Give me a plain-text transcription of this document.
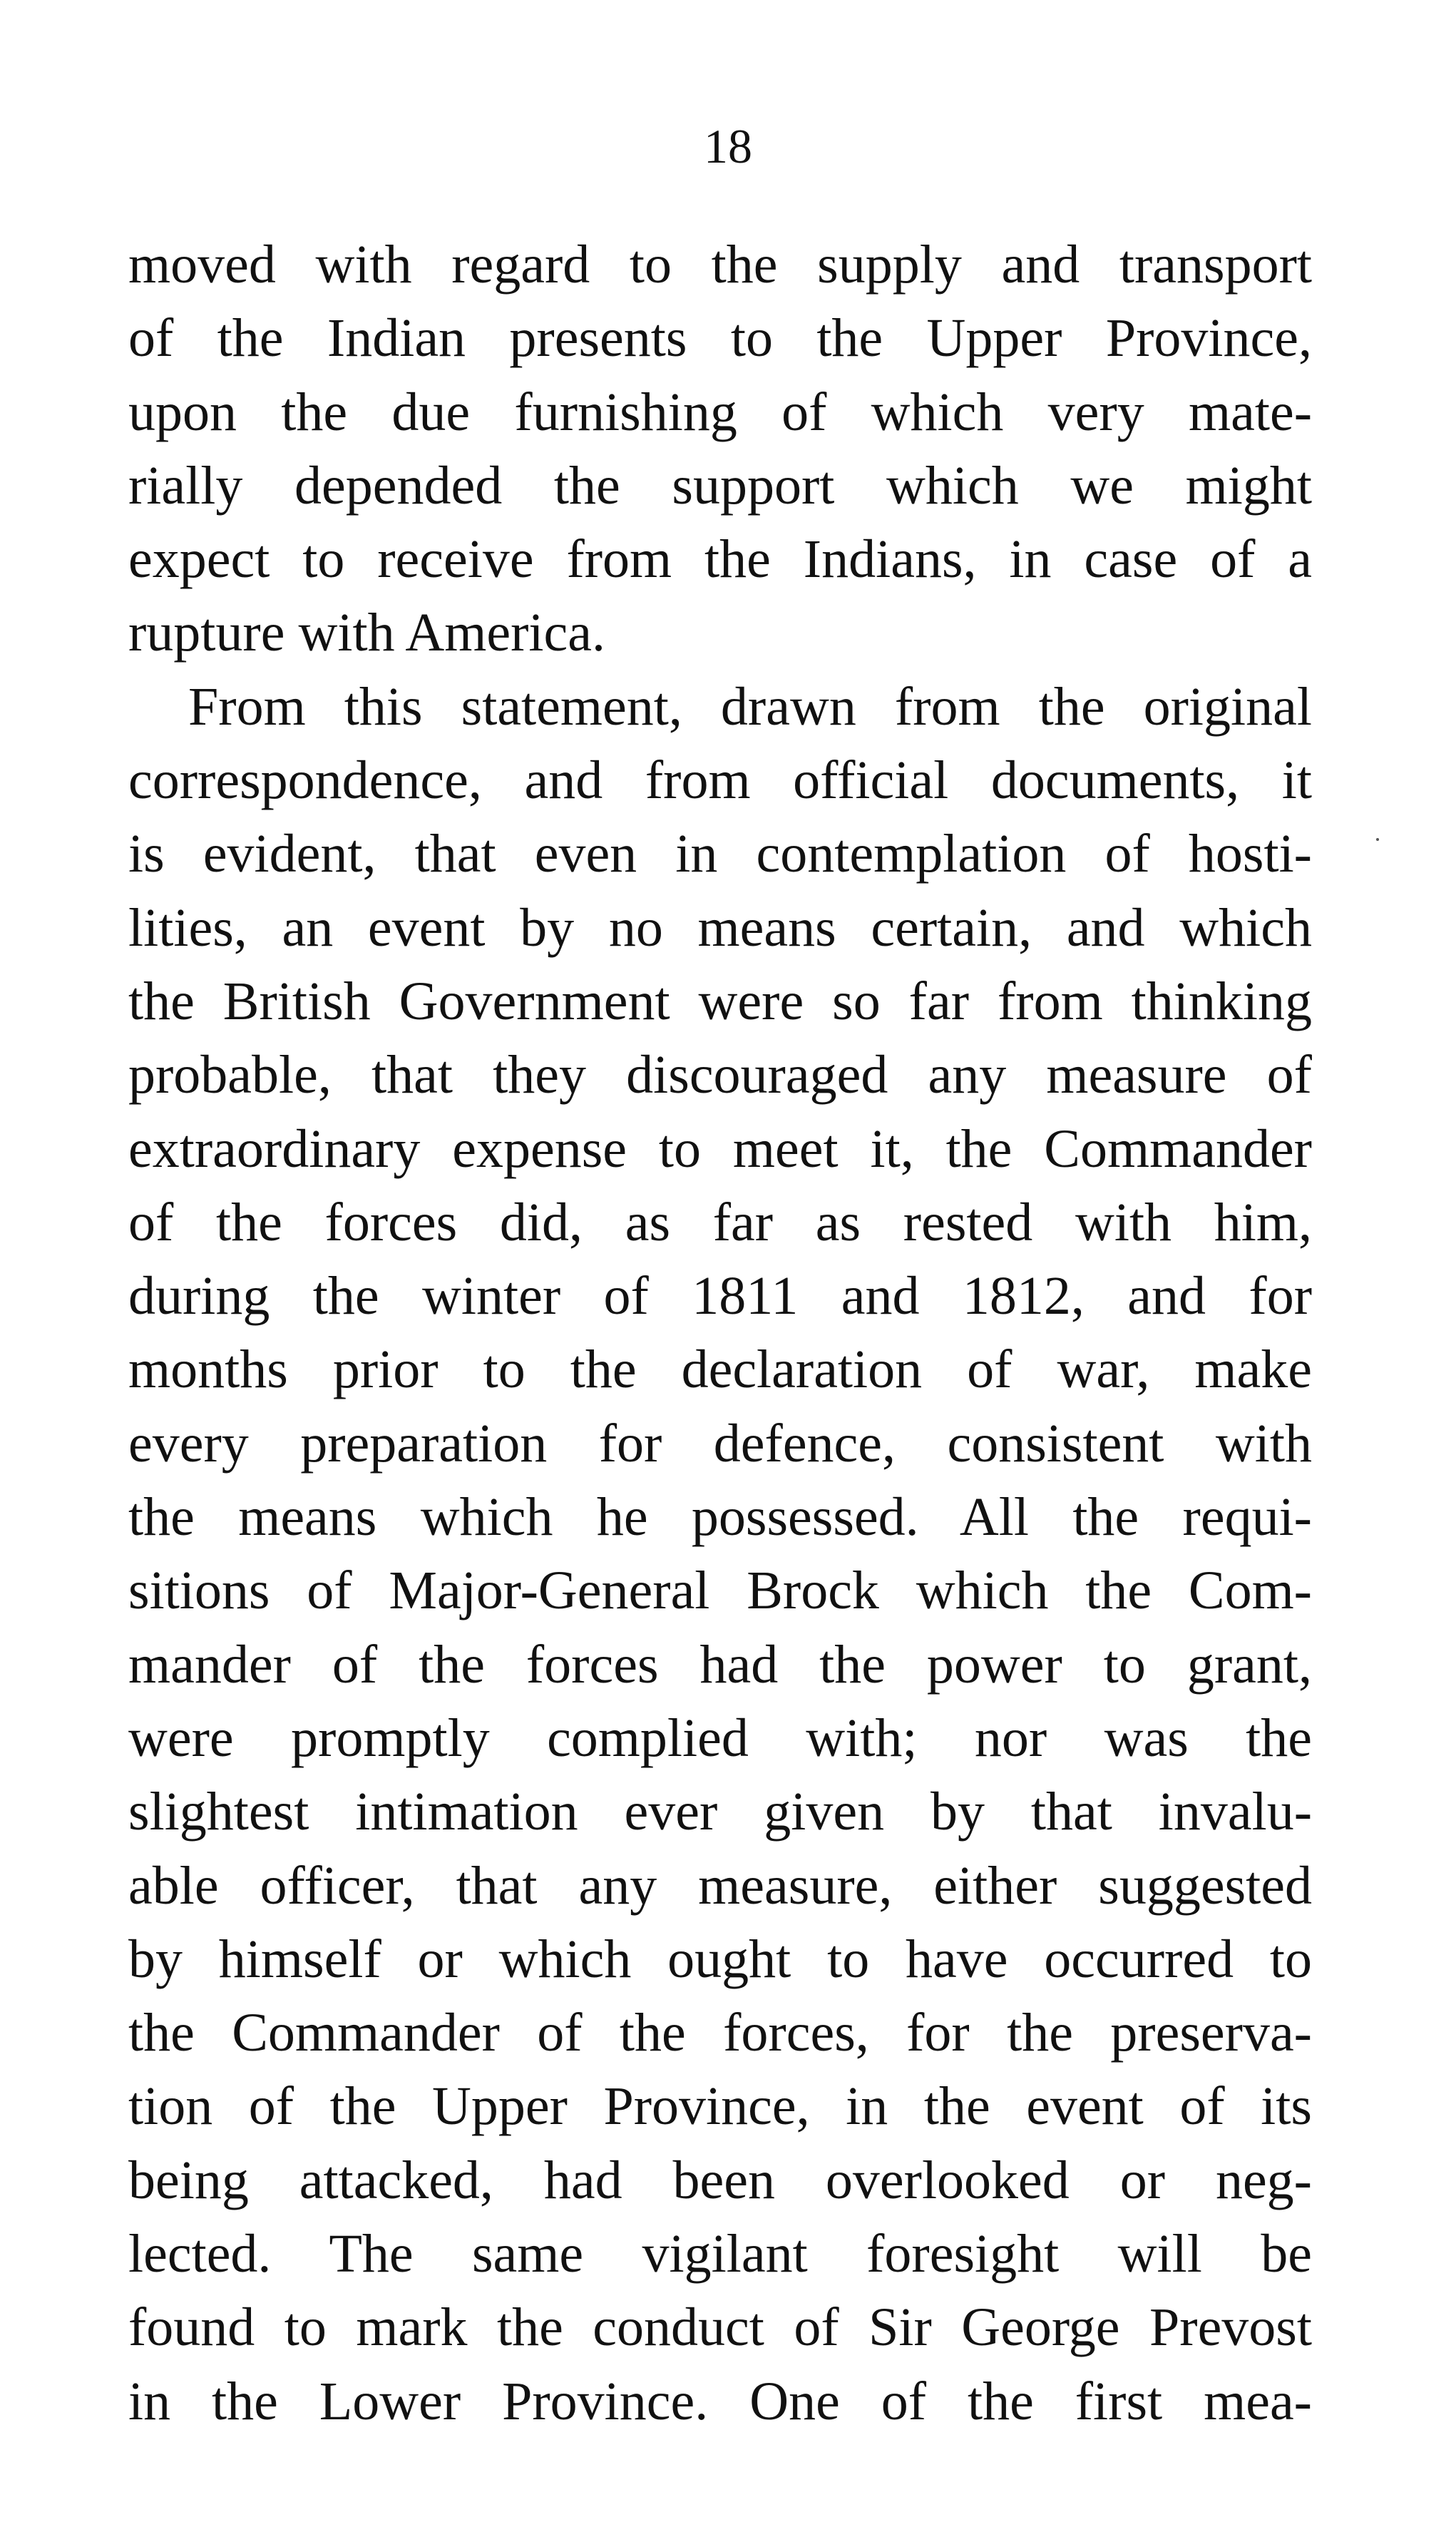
18
moved with regard to the supply and transport
of the Indian presents to the Upper Province,
upon the due furnishing of which very mate-
rially depended the support which we might
expect to receive from the Indians, in case of a
rupture with America.
From this statement, drawn from the original
correspondence, and from official documents, it
is evident, that even in contemplation of hosti-
lities, an event by no means certain, and which
the British Government were so far from thinking
probable, that they discouraged any measure of
extraordinary expense to meet it, the Commander
of the forces did, as far as rested with him,
during the winter of 1811 and 1812, and for
months prior to the declaration of war, make
every preparation for defence, consistent with
the means which he possessed. All the requi-
sitions of Major-General Brock which the Com-
mander of the forces had the power to grant,
were promptly complied with; nor was the
slightest intimation ever given by that invalu-
able officer, that any measure, either suggested
by himself or which ought to have occurred to
the Commander of the forces, for the preserva-
tion of the Upper Province, in the event of its
being attacked, had been overlooked or neg-
lected. The same vigilant foresight will be
found to mark the conduct of Sir George Prevost
in the Lower Province. One of the first mea-
